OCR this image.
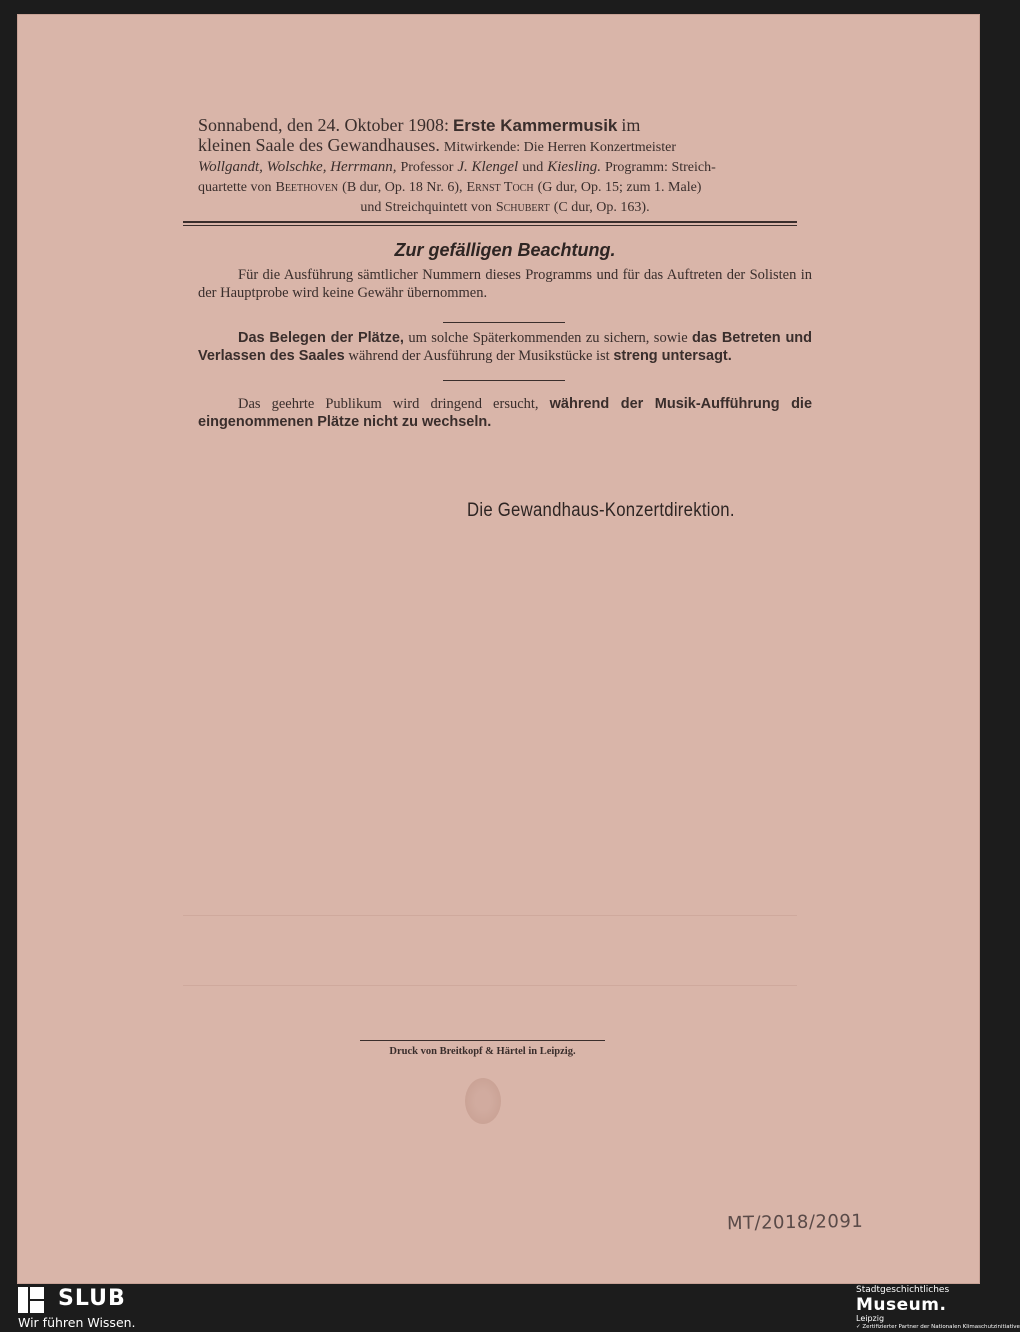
Sonnabend, den 24. Oktober 1908: Erste Kammermusik im
kleinen Saale des Gewandhauses. Mitwirkende: Die Herren Konzertmeister
Wollgandt, Wolschke, Herrmann, Professor J. Klengel und Kiesling. Programm: Streich-
quartette von Beethoven (B dur, Op. 18 Nr. 6), Ernst Toch (G dur, Op. 15; zum 1. Male)

und Streichquintett von Schubert (C dur, Op. 163).
Zur gefälligen Beachtung.
Für die Ausführung sämtlicher Nummern dieses Programms und für das Auftreten der Solisten in der Hauptprobe wird keine Gewähr übernommen.
Das Belegen der Plätze, um solche Späterkommenden zu sichern, sowie das Betreten und Verlassen des Saales während der Ausführung der Musikstücke ist streng untersagt.
Das geehrte Publikum wird dringend ersucht, während der Musik-Aufführung die eingenommenen Plätze nicht zu wechseln.
Die Gewandhaus-Konzertdirektion.
Druck von Breitkopf & Härtel in Leipzig.
MT/2018/2091

SLUB
Wir führen Wissen.
Stadtgeschichtliches
Museum.
Leipzig
✓ Zertifizierter Partner der Nationalen Klimaschutzinitiative
